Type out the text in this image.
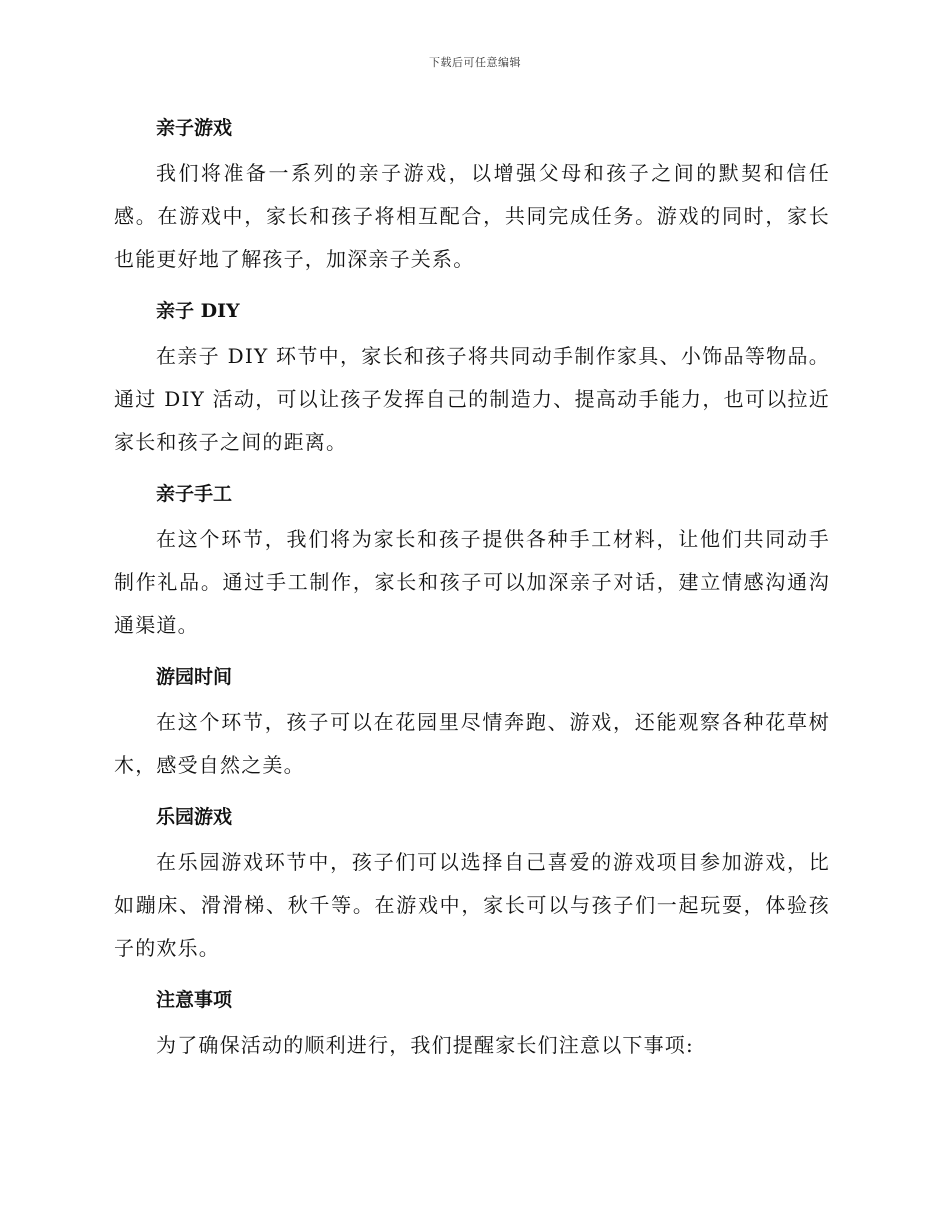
下载后可任意编辑
亲子游戏

我们将准备一系列的亲子游戏，以增强父母和孩子之间的默契和信任感。在游戏中，家长和孩子将相互配合，共同完成任务。游戏的同时，家长也能更好地了解孩子，加深亲子关系。

亲子 DIY

在亲子 DIY 环节中，家长和孩子将共同动手制作家具、小饰品等物品。通过 DIY 活动，可以让孩子发挥自己的制造力、提高动手能力，也可以拉近家长和孩子之间的距离。

亲子手工

在这个环节，我们将为家长和孩子提供各种手工材料，让他们共同动手制作礼品。通过手工制作，家长和孩子可以加深亲子对话，建立情感沟通沟通渠道。

游园时间

在这个环节，孩子可以在花园里尽情奔跑、游戏，还能观察各种花草树木，感受自然之美。

乐园游戏

在乐园游戏环节中，孩子们可以选择自己喜爱的游戏项目参加游戏，比如蹦床、滑滑梯、秋千等。在游戏中，家长可以与孩子们一起玩耍，体验孩子的欢乐。

注意事项

为了确保活动的顺利进行，我们提醒家长们注意以下事项:
